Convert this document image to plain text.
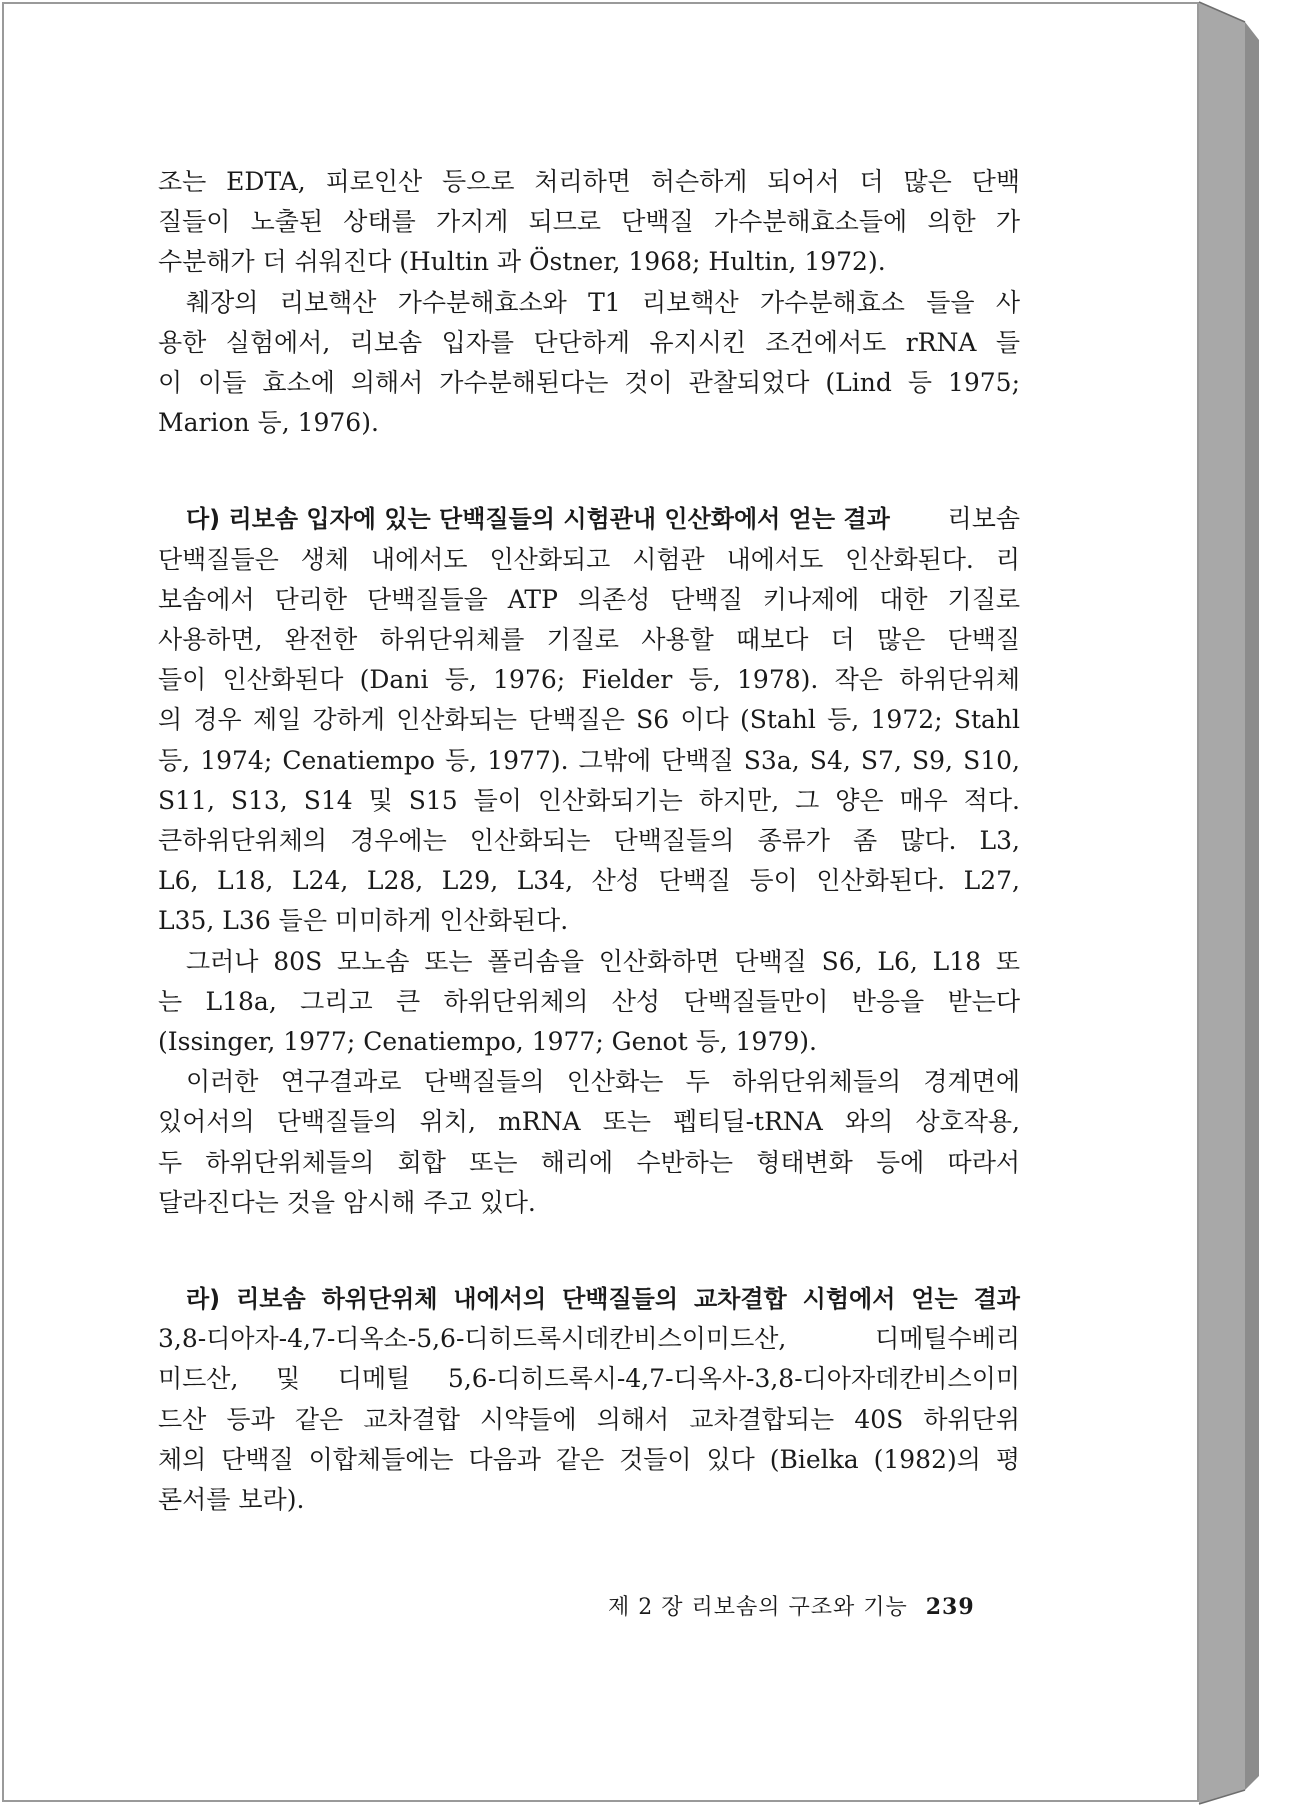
조는 EDTA, 피로인산 등으로 처리하면 허슨하게 되어서 더 많은 단백
질들이 노출된 상태를 가지게 되므로 단백질 가수분해효소들에 의한 가
수분해가 더 쉬워진다 (Hultin 과 Östner, 1968; Hultin, 1972).
췌장의 리보핵산 가수분해효소와 T1 리보핵산 가수분해효소 들을 사
용한 실험에서, 리보솜 입자를 단단하게 유지시킨 조건에서도 rRNA 들
이 이들 효소에 의해서 가수분해된다는 것이 관찰되었다 (Lind 등 1975;
Marion 등, 1976).
다) 리보솜 입자에 있는 단백질들의 시험관내 인산화에서 얻는 결과 리보솜
단백질들은 생체 내에서도 인산화되고 시험관 내에서도 인산화된다. 리
보솜에서 단리한 단백질들을 ATP 의존성 단백질 키나제에 대한 기질로
사용하면, 완전한 하위단위체를 기질로 사용할 때보다 더 많은 단백질
들이 인산화된다 (Dani 등, 1976; Fielder 등, 1978). 작은 하위단위체
의 경우 제일 강하게 인산화되는 단백질은 S6 이다 (Stahl 등, 1972; Stahl
등, 1974; Cenatiempo 등, 1977). 그밖에 단백질 S3a, S4, S7, S9, S10,
S11, S13, S14 및 S15 들이 인산화되기는 하지만, 그 양은 매우 적다.
큰하위단위체의 경우에는 인산화되는 단백질들의 종류가 좀 많다. L3,
L6, L18, L24, L28, L29, L34, 산성 단백질 등이 인산화된다. L27,
L35, L36 들은 미미하게 인산화된다.
그러나 80S 모노솜 또는 폴리솜을 인산화하면 단백질 S6, L6, L18 또
는 L18a, 그리고 큰 하위단위체의 산성 단백질들만이 반응을 받는다
(Issinger, 1977; Cenatiempo, 1977; Genot 등, 1979).
이러한 연구결과로 단백질들의 인산화는 두 하위단위체들의 경계면에
있어서의 단백질들의 위치, mRNA 또는 펩티딜-tRNA 와의 상호작용,
두 하위단위체들의 회합 또는 해리에 수반하는 형태변화 등에 따라서
달라진다는 것을 암시해 주고 있다.
라) 리보솜 하위단위체 내에서의 단백질들의 교차결합 시험에서 얻는 결과
3,8-디아자-4,7-디옥소-5,6-디히드록시데칸비스이미드산, 디메틸수베리
미드산, 및 디메틸 5,6-디히드록시-4,7-디옥사-3,8-디아자데칸비스이미
드산 등과 같은 교차결합 시약들에 의해서 교차결합되는 40S 하위단위
체의 단백질 이합체들에는 다음과 같은 것들이 있다 (Bielka (1982)의 평
론서를 보라).
제 2 장 리보솜의 구조와 기능 239
